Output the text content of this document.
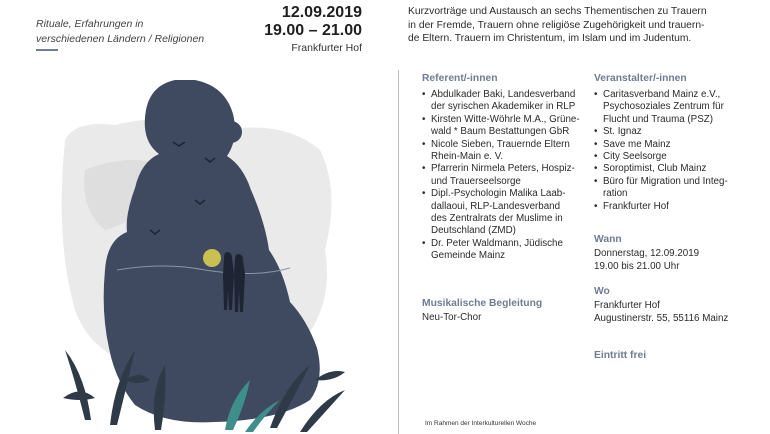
Rituale, Erfahrungen in
verschiedenen Ländern / Religionen
12.09.2019
19.00 – 21.00
Frankfurter Hof
Kurzvorträge und Austausch an sechs Thementischen zu Trauern
in der Fremde, Trauern ohne religiöse Zugehörigkeit und trauern-
de Eltern. Trauern im Christentum, im Islam und im Judentum.
Referent/-innen
• Abdulkader Baki, Landesverband
der syrischen Akademiker in RLP
• Kirsten Witte-Wöhrle M.A., Grüne-
wald * Baum Bestattungen GbR
• Nicole Sieben, Trauernde Eltern
Rhein-Main e. V.
• Pfarrerin Nirmela Peters, Hospiz-
und Trauerseelsorge
• Dipl.-Psychologin Malika Laab-
dallaoui, RLP-Landesverband
des Zentralrats der Muslime in
Deutschland (ZMD)
• Dr. Peter Waldmann, Jüdische
Gemeinde Mainz
Musikalische Begleitung
Neu-Tor-Chor
Veranstalter/-innen
• Caritasverband Mainz e.V.,
Psychosoziales Zentrum für
Flucht und Trauma (PSZ)
• St. Ignaz
• Save me Mainz
• City Seelsorge
• Soroptimist, Club Mainz
• Büro für Migration und Integ-
ration
• Frankfurter Hof
Wann
Donnerstag, 12.09.2019
19.00 bis 21.00 Uhr
Wo
Frankfurter Hof
Augustinerstr. 55, 55116 Mainz
Eintritt frei
Im Rahmen der Interkulturellen Woche
